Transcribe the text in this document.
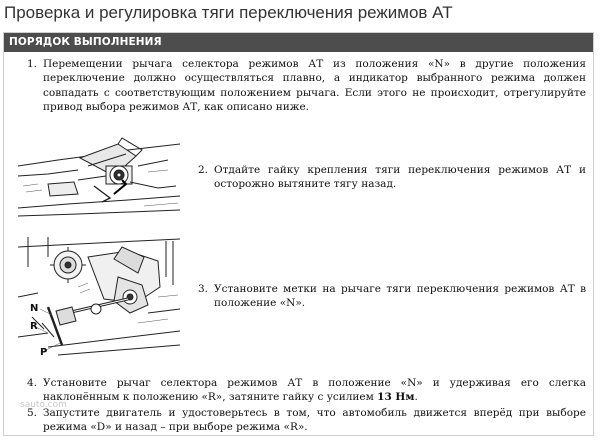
Проверка и регулировка тяги переключения режимов АТ
ПОРЯДОК ВЫПОЛНЕНИЯ
1. Перемещении рычага селектора режимов АТ из положения «N» в другие положения переключение должно осуществляться плавно, а индикатор выбранного режима должен совпадать с соответствующим положением рычага. Если этого не происходит, отрегулируйте привод выбора режимов АТ, как описано ниже.
2. Отдайте гайку крепления тяги переключения режимов АТ и осторожно вытяните тягу назад.
N
R
P
3. Установите метки на рычаге тяги переключения режимов АТ в положение «N».
4. Установите рычаг селектора режимов АТ в положение «N» и удерживая его слегка наклонённым к положению «R», затяните гайку с усилием 13 Нм.
5. Запустите двигатель и удостоверьтесь в том, что автомобиль движется вперёд при выборе режима «D» и назад – при выборе режима «R».
sauto.com
